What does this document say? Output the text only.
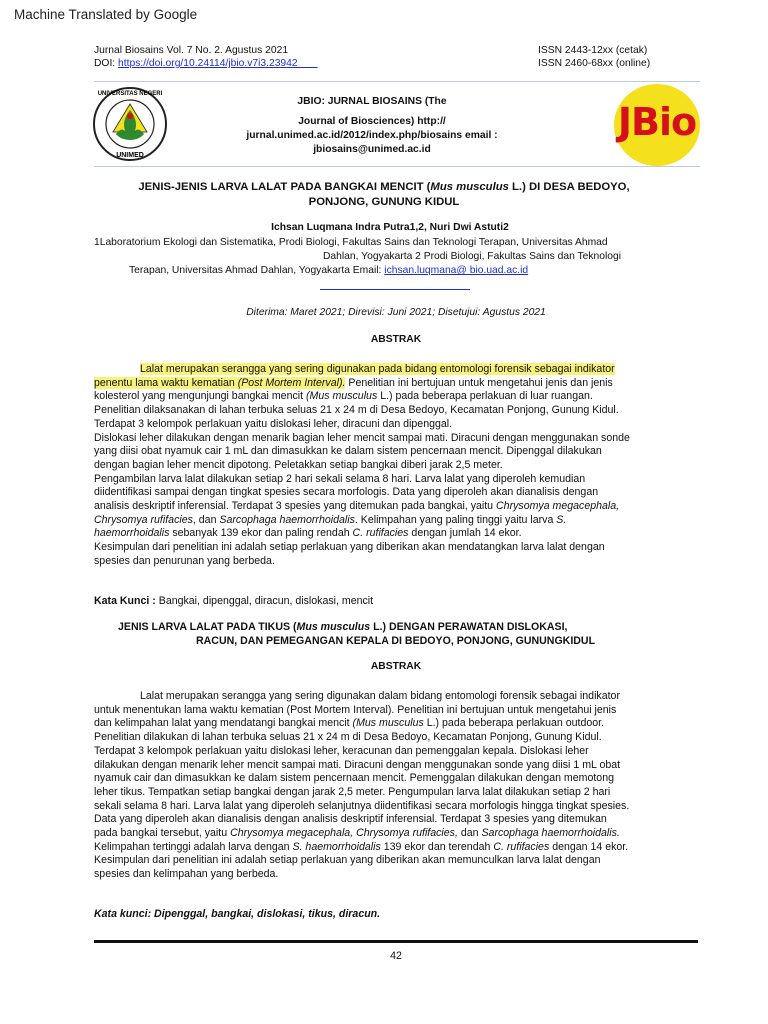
Machine Translated by Google
Jurnal Biosains Vol. 7 No. 2. Agustus 2021
DOI: https://doi.org/10.24114/jbio.v7i3.23942
ISSN 2443-12xx (cetak)
ISSN 2460-68xx (online)
UNIVERSITAS NEGERI
UNIMED
JBIO: JURNAL BIOSAINS (The
Journal of Biosciences) http://
jurnal.unimed.ac.id/2012/index.php/biosains email :
jbiosains@unimed.ac.id
JBio
JENIS-JENIS LARVA LALAT PADA BANGKAI MENCIT (Mus musculus L.) DI DESA BEDOYO,
PONJONG, GUNUNG KIDUL
Ichsan Luqmana Indra Putra1,2, Nuri Dwi Astuti2
1Laboratorium Ekologi dan Sistematika, Prodi Biologi, Fakultas Sains dan Teknologi Terapan, Universitas Ahmad
Dahlan, Yogyakarta 2 Prodi Biologi, Fakultas Sains dan Teknologi
Terapan, Universitas Ahmad Dahlan, Yogyakarta Email: ichsan.luqmana@ bio.uad.ac.id
Diterima: Maret 2021; Direvisi: Juni 2021; Disetujui: Agustus 2021
ABSTRAK
Lalat merupakan serangga yang sering digunakan pada bidang entomologi forensik sebagai indikator
penentu lama waktu kematian (Post Mortem Interval). Penelitian ini bertujuan untuk mengetahui jenis dan jenis
kolesterol yang mengunjungi bangkai mencit (Mus musculus L.) pada beberapa perlakuan di luar ruangan.
Penelitian dilaksanakan di lahan terbuka seluas 21 x 24 m di Desa Bedoyo, Kecamatan Ponjong, Gunung Kidul.
Terdapat 3 kelompok perlakuan yaitu dislokasi leher, diracuni dan dipenggal.
Dislokasi leher dilakukan dengan menarik bagian leher mencit sampai mati. Diracuni dengan menggunakan sonde
yang diisi obat nyamuk cair 1 mL dan dimasukkan ke dalam sistem pencernaan mencit. Dipenggal dilakukan
dengan bagian leher mencit dipotong. Peletakkan setiap bangkai diberi jarak 2,5 meter.
Pengambilan larva lalat dilakukan setiap 2 hari sekali selama 8 hari. Larva lalat yang diperoleh kemudian
diidentifikasi sampai dengan tingkat spesies secara morfologis. Data yang diperoleh akan dianalisis dengan
analisis deskriptif inferensial. Terdapat 3 spesies yang ditemukan pada bangkai, yaitu Chrysomya megacephala,
Chrysomya rufifacies, dan Sarcophaga haemorrhoidalis. Kelimpahan yang paling tinggi yaitu larva S.
haemorrhoidalis sebanyak 139 ekor dan paling rendah C. rufifacies dengan jumlah 14 ekor.
Kesimpulan dari penelitian ini adalah setiap perlakuan yang diberikan akan mendatangkan larva lalat dengan
spesies dan penurunan yang berbeda.
Kata Kunci : Bangkai, dipenggal, diracun, dislokasi, mencit
JENIS LARVA LALAT PADA TIKUS (Mus musculus L.) DENGAN PERAWATAN DISLOKASI,
RACUN, DAN PEMEGANGAN KEPALA DI BEDOYO, PONJONG, GUNUNGKIDUL
ABSTRAK
Lalat merupakan serangga yang sering digunakan dalam bidang entomologi forensik sebagai indikator
untuk menentukan lama waktu kematian (Post Mortem Interval). Penelitian ini bertujuan untuk mengetahui jenis
dan kelimpahan lalat yang mendatangi bangkai mencit (Mus musculus L.) pada beberapa perlakuan outdoor.
Penelitian dilakukan di lahan terbuka seluas 21 x 24 m di Desa Bedoyo, Kecamatan Ponjong, Gunung Kidul.
Terdapat 3 kelompok perlakuan yaitu dislokasi leher, keracunan dan pemenggalan kepala. Dislokasi leher
dilakukan dengan menarik leher mencit sampai mati. Diracuni dengan menggunakan sonde yang diisi 1 mL obat
nyamuk cair dan dimasukkan ke dalam sistem pencernaan mencit. Pemenggalan dilakukan dengan memotong
leher tikus. Tempatkan setiap bangkai dengan jarak 2,5 meter. Pengumpulan larva lalat dilakukan setiap 2 hari
sekali selama 8 hari. Larva lalat yang diperoleh selanjutnya diidentifikasi secara morfologis hingga tingkat spesies.
Data yang diperoleh akan dianalisis dengan analisis deskriptif inferensial. Terdapat 3 spesies yang ditemukan
pada bangkai tersebut, yaitu Chrysomya megacephala, Chrysomya rufifacies, dan Sarcophaga haemorrhoidalis.
Kelimpahan tertinggi adalah larva dengan S. haemorrhoidalis 139 ekor dan terendah C. rufifacies dengan 14 ekor.
Kesimpulan dari penelitian ini adalah setiap perlakuan yang diberikan akan memunculkan larva lalat dengan
spesies dan kelimpahan yang berbeda.
Kata kunci: Dipenggal, bangkai, dislokasi, tikus, diracun.
42
